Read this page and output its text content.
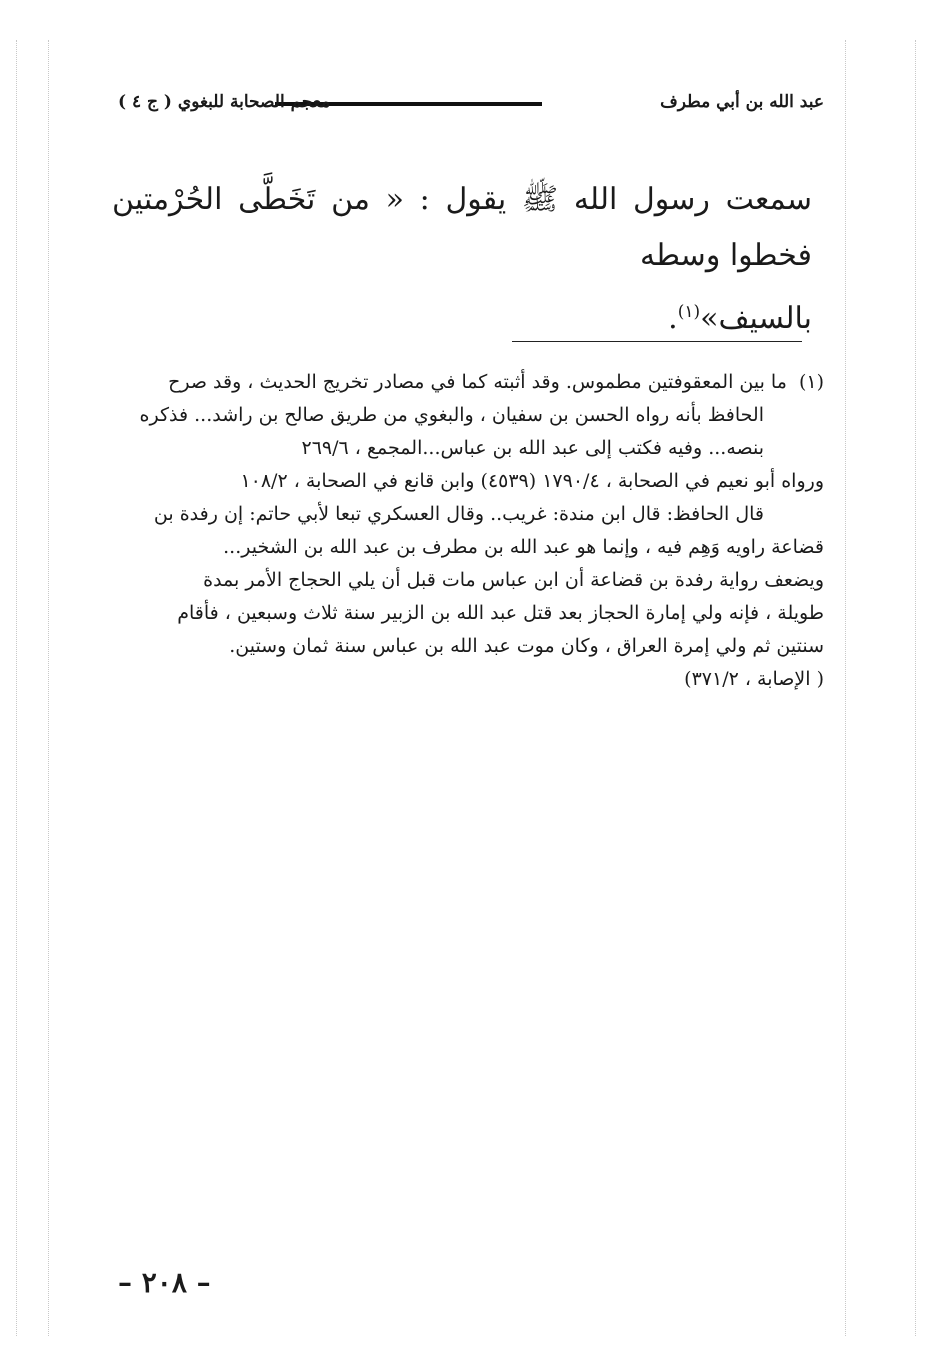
عبد الله بن أبي مطرف
معجم الصحابة للبغوي ( ج ٤ )
سمعت رسول الله ﷺ يقول : « من تَخَطَّى الحُرْمتين فخطوا وسطه
بالسيف»$^{(١)}$.
(١) ما بين المعقوفتين مطموس. وقد أثبته كما في مصادر تخريج الحديث ، وقد صرح
الحافظ بأنه رواه الحسن بن سفيان ، والبغوي من طريق صالح بن راشد... فذكره
بنصه... وفيه فكتب إلى عبد الله بن عباس...المجمع ، ٢٦٩/٦
ورواه أبو نعيم في الصحابة ، ١٧٩٠/٤ (٤٥٣٩) وابن قانع في الصحابة ، ١٠٨/٢
قال الحافظ: قال ابن مندة: غريب.. وقال العسكري تبعا لأبي حاتم: إن رفدة بن
قضاعة راويه وَهِم فيه ، وإنما هو عبد الله بن مطرف بن عبد الله بن الشخير...
ويضعف رواية رفدة بن قضاعة أن ابن عباس مات قبل أن يلي الحجاج الأمر بمدة
طويلة ، فإنه ولي إمارة الحجاز بعد قتل عبد الله بن الزبير سنة ثلاث وسبعين ، فأقام
سنتين ثم ولي إمرة العراق ، وكان موت عبد الله بن عباس سنة ثمان وستين.
( الإصابة ، ٣٧١/٢)
– ٢٠٨ –
